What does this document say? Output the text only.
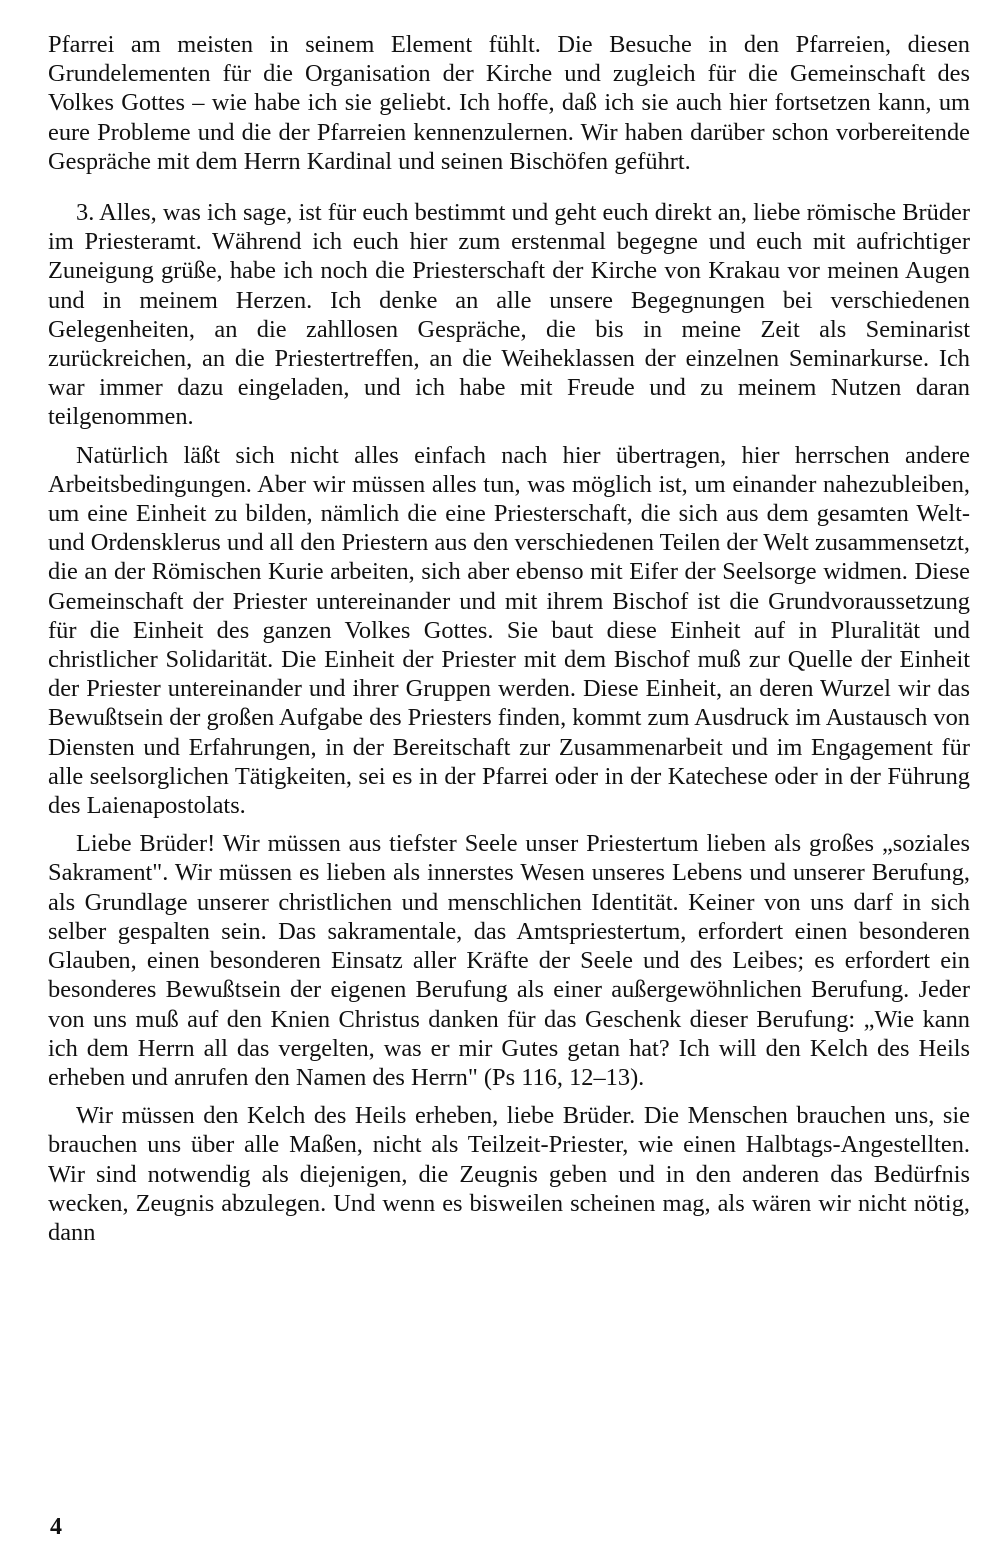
Pfarrei am meisten in seinem Element fühlt. Die Besuche in den Pfarreien, diesen Grundelementen für die Organisation der Kirche und zugleich für die Gemeinschaft des Volkes Gottes – wie habe ich sie geliebt. Ich hoffe, daß ich sie auch hier fortsetzen kann, um eure Probleme und die der Pfarreien kennenzulernen. Wir haben darüber schon vorbereitende Gespräche mit dem Herrn Kardinal und seinen Bischöfen geführt.

3. Alles, was ich sage, ist für euch bestimmt und geht euch direkt an, liebe römische Brüder im Priesteramt. Während ich euch hier zum erstenmal begegne und euch mit aufrichtiger Zuneigung grüße, habe ich noch die Priesterschaft der Kirche von Krakau vor meinen Augen und in meinem Herzen. Ich denke an alle unsere Begegnungen bei verschiedenen Gelegenheiten, an die zahllosen Gespräche, die bis in meine Zeit als Seminarist zurückreichen, an die Priestertreffen, an die Weiheklassen der einzelnen Seminarkurse. Ich war immer dazu eingeladen, und ich habe mit Freude und zu meinem Nutzen daran teilgenommen.

Natürlich läßt sich nicht alles einfach nach hier übertragen, hier herrschen andere Arbeitsbedingungen. Aber wir müssen alles tun, was möglich ist, um einander nahezubleiben, um eine Einheit zu bilden, nämlich die eine Priesterschaft, die sich aus dem gesamten Welt- und Ordensklerus und all den Priestern aus den verschiedenen Teilen der Welt zusammensetzt, die an der Römischen Kurie arbeiten, sich aber ebenso mit Eifer der Seelsorge widmen. Diese Gemeinschaft der Priester untereinander und mit ihrem Bischof ist die Grundvoraussetzung für die Einheit des ganzen Volkes Gottes. Sie baut diese Einheit auf in Pluralität und christlicher Solidarität. Die Einheit der Priester mit dem Bischof muß zur Quelle der Einheit der Priester untereinander und ihrer Gruppen werden. Diese Einheit, an deren Wurzel wir das Bewußtsein der großen Aufgabe des Priesters finden, kommt zum Ausdruck im Austausch von Diensten und Erfahrungen, in der Bereitschaft zur Zusammenarbeit und im Engagement für alle seelsorglichen Tätigkeiten, sei es in der Pfarrei oder in der Katechese oder in der Führung des Laienapostolats.

Liebe Brüder! Wir müssen aus tiefster Seele unser Priestertum lieben als großes „soziales Sakrament". Wir müssen es lieben als innerstes Wesen unseres Lebens und unserer Berufung, als Grundlage unserer christlichen und menschlichen Identität. Keiner von uns darf in sich selber gespalten sein. Das sakramentale, das Amtspriestertum, erfordert einen besonderen Glauben, einen besonderen Einsatz aller Kräfte der Seele und des Leibes; es erfordert ein besonderes Bewußtsein der eigenen Berufung als einer außergewöhnlichen Berufung. Jeder von uns muß auf den Knien Christus danken für das Geschenk dieser Berufung: „Wie kann ich dem Herrn all das vergelten, was er mir Gutes getan hat? Ich will den Kelch des Heils erheben und anrufen den Namen des Herrn" (Ps 116, 12–13).

Wir müssen den Kelch des Heils erheben, liebe Brüder. Die Menschen brauchen uns, sie brauchen uns über alle Maßen, nicht als Teilzeit-Priester, wie einen Halbtags-Angestellten. Wir sind notwendig als diejenigen, die Zeugnis geben und in den anderen das Bedürfnis wecken, Zeugnis abzulegen. Und wenn es bisweilen scheinen mag, als wären wir nicht nötig, dann

4
